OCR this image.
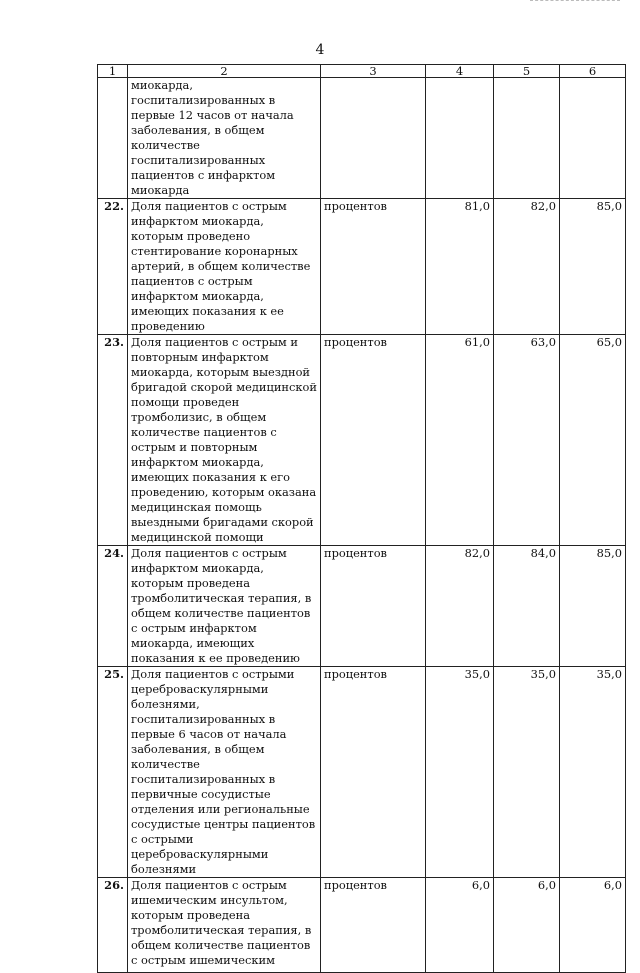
4
1	2	3	4	5	6
	миокарда, госпитализированных в первые 12 часов от начала заболевания, в общем количестве госпитализированных пациентов с инфарктом миокарда				
22.	Доля пациентов с острым инфарктом миокарда, которым проведено стентирование коронарных артерий, в общем количестве пациентов с острым инфарктом миокарда, имеющих показания к ее проведению	процентов	81,0	82,0	85,0
23.	Доля пациентов с острым и повторным инфарктом миокарда, которым выездной бригадой скорой медицинской помощи проведен тромболизис, в общем количестве пациентов с острым и повторным инфарктом миокарда, имеющих показания к его проведению, которым оказана медицинская помощь выездными бригадами скорой медицинской помощи	процентов	61,0	63,0	65,0
24.	Доля пациентов с острым инфарктом миокарда, которым проведена тромболитическая терапия, в общем количестве пациентов с острым инфарктом миокарда, имеющих показания к ее проведению	процентов	82,0	84,0	85,0
25.	Доля пациентов с острыми цереброваскулярными болезнями, госпитализированных в первые 6 часов от начала заболевания, в общем количестве госпитализированных в первичные сосудистые отделения или региональные сосудистые центры пациентов с острыми цереброваскулярными болезнями	процентов	35,0	35,0	35,0
26.	Доля пациентов с острым ишемическим инсультом, которым проведена тромболитическая терапия, в общем количестве пациентов с острым ишемическим	процентов	6,0	6,0	6,0
